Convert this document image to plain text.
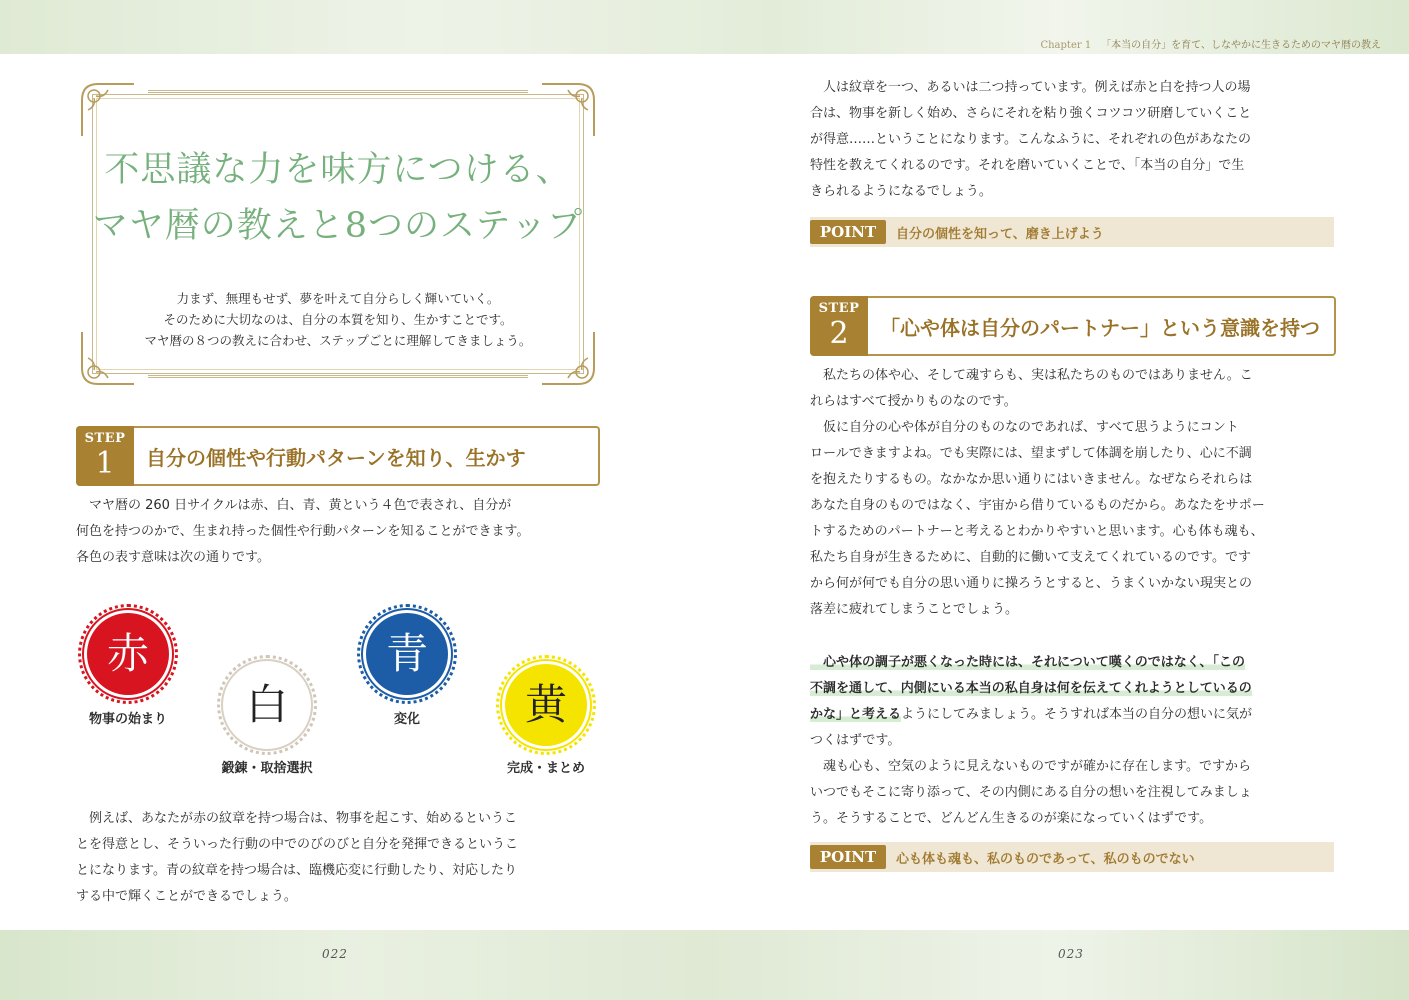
Chapter 1 「本当の自分」を育て、しなやかに生きるためのマヤ暦の教え
不思議な力を味方につける、
マヤ暦の教えと8つのステップ
力まず、無理もせず、夢を叶えて自分らしく輝いていく。
そのために大切なのは、自分の本質を知り、生かすことです。
マヤ暦の８つの教えに合わせ、ステップごとに理解してきましょう。
STEP
1	自分の個性や行動パターンを知り、生かす
　マヤ暦の 260 日サイクルは赤、白、青、黄という４色で表され、自分が
何色を持つのかで、生まれ持った個性や行動パターンを知ることができます。
各色の表す意味は次の通りです。
赤
物事の始まり	白
鍛錬・取捨選択
青
変化	黄
完成・まとめ
　例えば、あなたが赤の紋章を持つ場合は、物事を起こす、始めるというこ
とを得意とし、そういった行動の中でのびのびと自分を発揮できるというこ
とになります。青の紋章を持つ場合は、臨機応変に行動したり、対応したり
する中で輝くことができるでしょう。
022
　人は紋章を一つ、あるいは二つ持っています。例えば赤と白を持つ人の場
合は、物事を新しく始め、さらにそれを粘り強くコツコツ研磨していくこと
が得意……ということになります。こんなふうに、それぞれの色があなたの
特性を教えてくれるのです。それを磨いていくことで、「本当の自分」で生
きられるようになるでしょう。
POINT	自分の個性を知って、磨き上げよう
STEP
2	「心や体は自分のパートナー」という意識を持つ
　私たちの体や心、そして魂すらも、実は私たちのものではありません。こ
れらはすべて授かりものなのです。
　仮に自分の心や体が自分のものなのであれば、すべて思うようにコント
ロールできますよね。でも実際には、望まずして体調を崩したり、心に不調
を抱えたりするもの。なかなか思い通りにはいきません。なぜならそれらは
あなた自身のものではなく、宇宙から借りているものだから。あなたをサポー
トするためのパートナーと考えるとわかりやすいと思います。心も体も魂も、
私たち自身が生きるために、自動的に働いて支えてくれているのです。です
から何が何でも自分の思い通りに操ろうとすると、うまくいかない現実との
落差に疲れてしまうことでしょう。
　心や体の調子が悪くなった時には、それについて嘆くのではなく、「この
不調を通して、内側にいる本当の私自身は何を伝えてくれようとしているの
かな」と考えるようにしてみましょう。そうすれば本当の自分の想いに気が
つくはずです。
　魂も心も、空気のように見えないものですが確かに存在します。ですから
いつでもそこに寄り添って、その内側にある自分の想いを注視してみましょ
う。そうすることで、どんどん生きるのが楽になっていくはずです。
POINT	心も体も魂も、私のものであって、私のものでない
023
